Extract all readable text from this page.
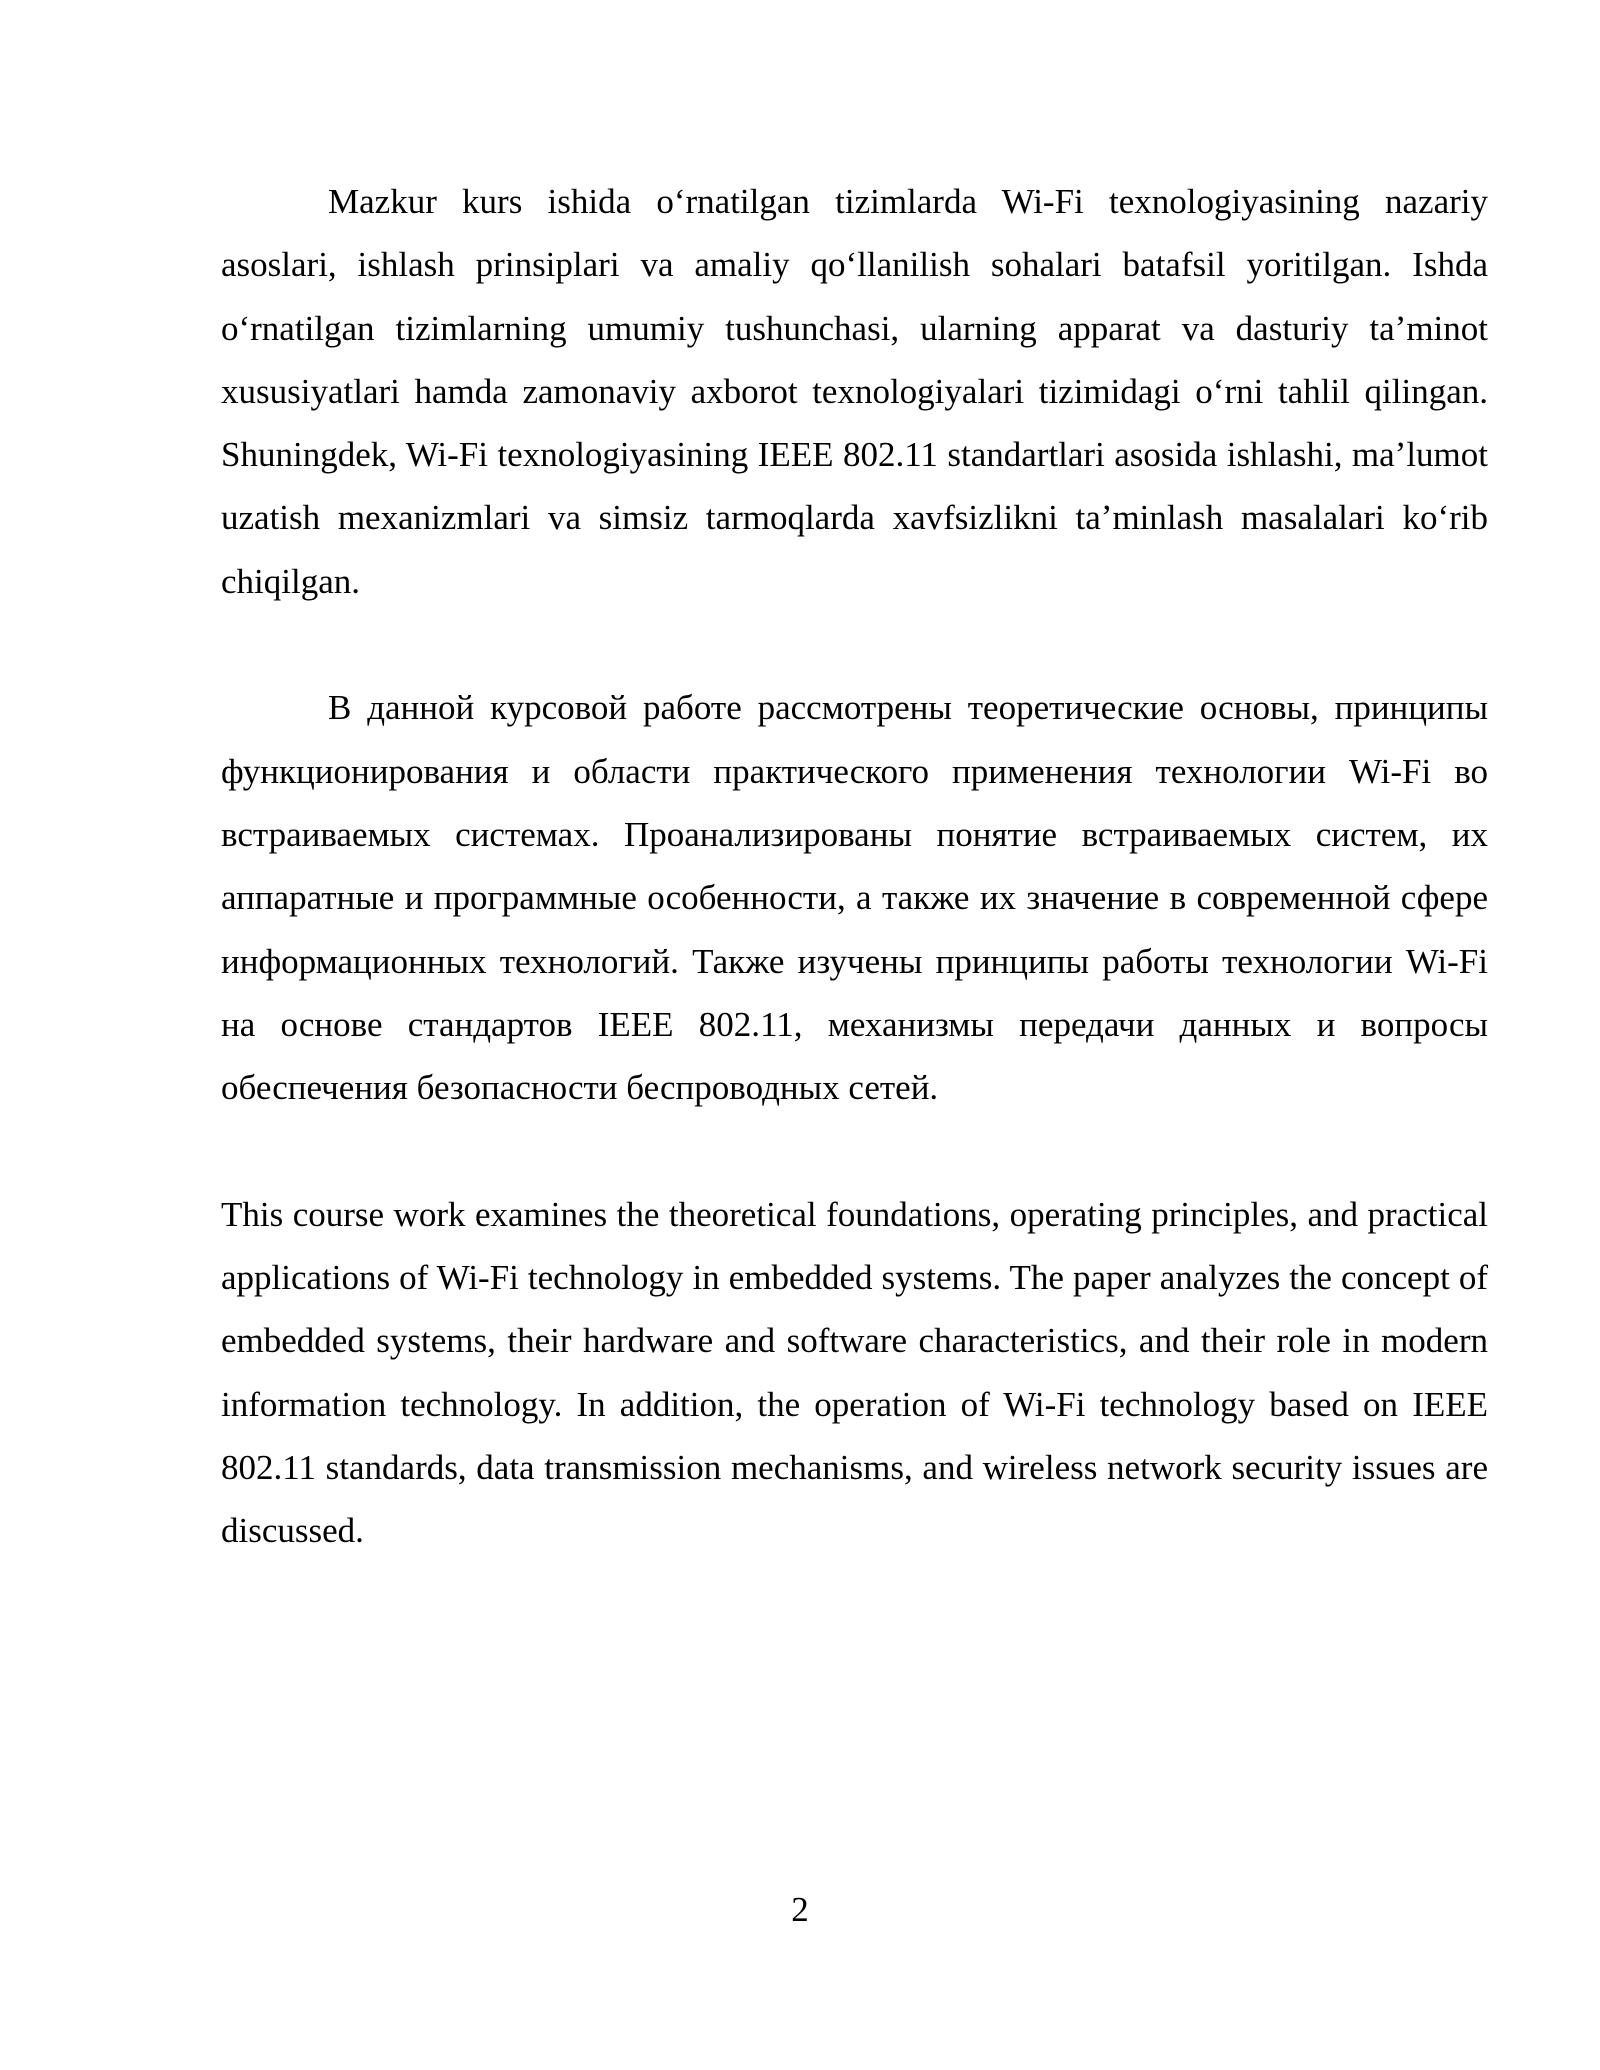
Mazkur kurs ishida oʻrnatilgan tizimlarda Wi-Fi texnologiyasining nazariy asoslari, ishlash prinsiplari va amaliy qoʻllanilish sohalari batafsil yoritilgan. Ishda oʻrnatilgan tizimlarning umumiy tushunchasi, ularning apparat va dasturiy taʼminot xususiyatlari hamda zamonaviy axborot texnologiyalari tizimidagi oʻrni tahlil qilingan. Shuningdek, Wi-Fi texnologiyasining IEEE 802.11 standartlari asosida ishlashi, maʼlumot uzatish mexanizmlari va simsiz tarmoqlarda xavfsizlikni taʼminlash masalalari koʻrib chiqilgan.

В данной курсовой работе рассмотрены теоретические основы, принципы функционирования и области практического применения технологии Wi-Fi во встраиваемых системах. Проанализированы понятие встраиваемых систем, их аппаратные и программные особенности, а также их значение в современной сфере информационных технологий. Также изучены принципы работы технологии Wi-Fi на основе стандартов IEEE 802.11, механизмы передачи данных и вопросы обеспечения безопасности беспроводных сетей.

This course work examines the theoretical foundations, operating principles, and practical applications of Wi-Fi technology in embedded systems. The paper analyzes the concept of embedded systems, their hardware and software characteristics, and their role in modern information technology. In addition, the operation of Wi-Fi technology based on IEEE 802.11 standards, data transmission mechanisms, and wireless network security issues are discussed.

2
